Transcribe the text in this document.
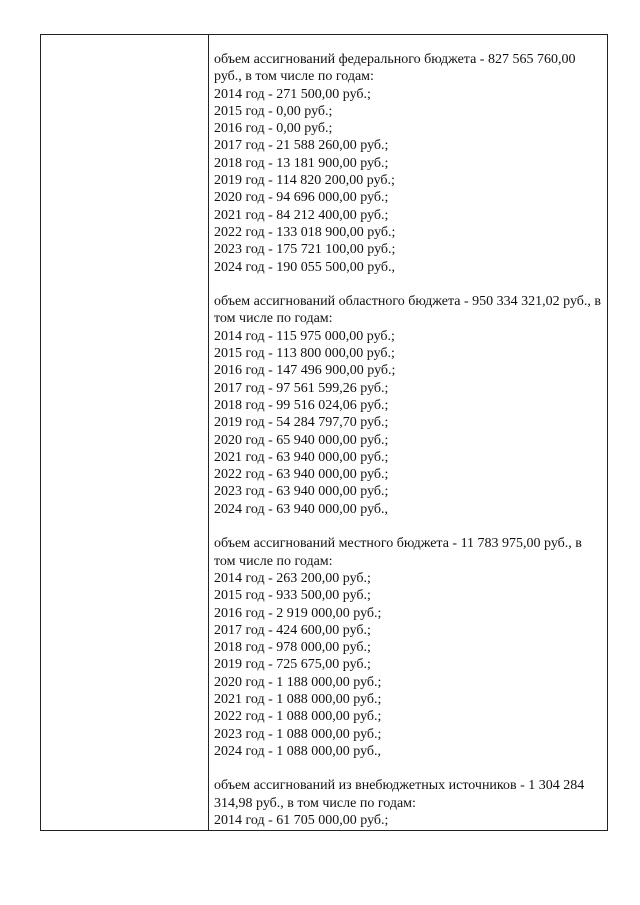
объем ассигнований федерального бюджета - 827 565 760,00 руб., в том числе по годам:

2014 год - 271 500,00 руб.;
2015 год - 0,00 руб.;
2016 год - 0,00 руб.;
2017 год - 21 588 260,00 руб.;
2018 год - 13 181 900,00 руб.;
2019 год - 114 820 200,00 руб.;
2020 год - 94 696 000,00 руб.;
2021 год - 84 212 400,00 руб.;
2022 год - 133 018 900,00 руб.;
2023 год - 175 721 100,00 руб.;
2024 год - 190 055 500,00 руб.,

объем ассигнований областного бюджета - 950 334 321,02 руб., в том числе по годам:

2014 год - 115 975 000,00 руб.;
2015 год - 113 800 000,00 руб.;
2016 год - 147 496 900,00 руб.;
2017 год - 97 561 599,26 руб.;
2018 год - 99 516 024,06 руб.;
2019 год - 54 284 797,70 руб.;
2020 год - 65 940 000,00 руб.;
2021 год - 63 940 000,00 руб.;
2022 год - 63 940 000,00 руб.;
2023 год - 63 940 000,00 руб.;
2024 год - 63 940 000,00 руб.,

объем ассигнований местного бюджета - 11 783 975,00 руб., в том числе по годам:

2014 год - 263 200,00 руб.;
2015 год - 933 500,00 руб.;
2016 год - 2 919 000,00 руб.;
2017 год - 424 600,00 руб.;
2018 год - 978 000,00 руб.;
2019 год - 725 675,00 руб.;
2020 год - 1 188 000,00 руб.;
2021 год - 1 088 000,00 руб.;
2022 год - 1 088 000,00 руб.;
2023 год - 1 088 000,00 руб.;
2024 год - 1 088 000,00 руб.,

объем ассигнований из внебюджетных источников - 1 304 284 314,98 руб., в том числе по годам:

2014 год - 61 705 000,00 руб.;
